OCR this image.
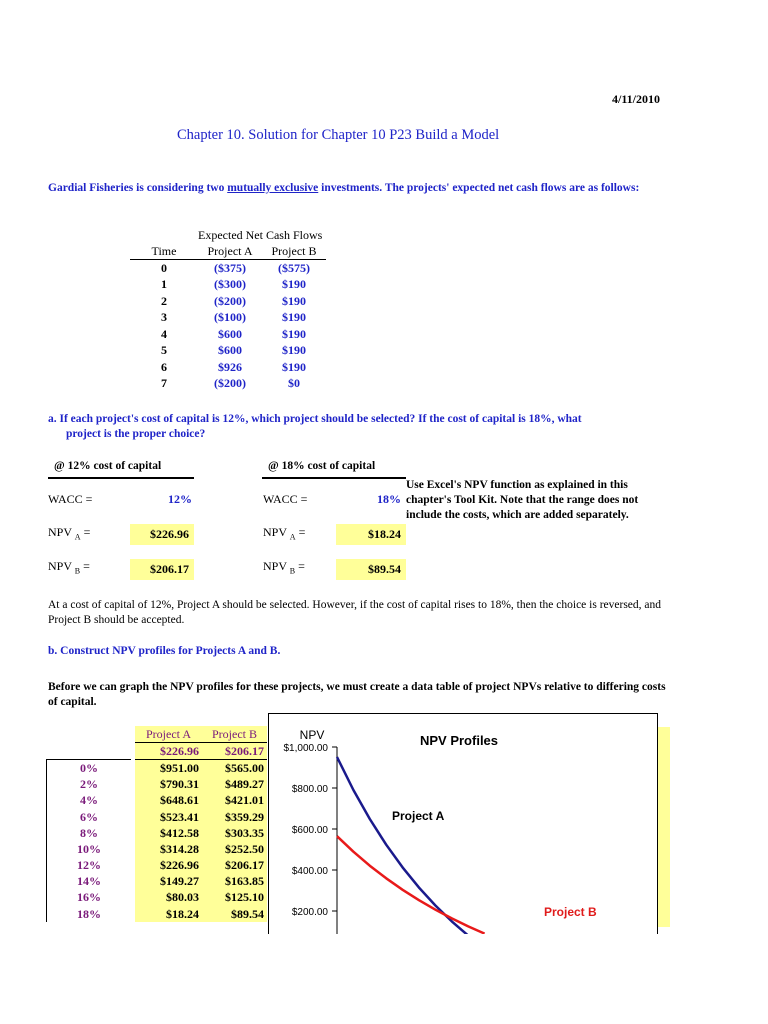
4/11/2010
Chapter 10. Solution for Chapter 10 P23 Build a Model
Gardial Fisheries is considering two mutually exclusive investments. The projects' expected net cash flows are as follows:
Expected Net Cash Flows
Time	Project A	Project B
0	($375)	($575)
1	($300)	$190
2	($200)	$190
3	($100)	$190
4	$600	$190
5	$600	$190
6	$926	$190
7	($200)	$0
a. If each project's cost of capital is 12%, which project should be selected? If the cost of capital is 18%, what
project is the proper choice?
@ 12% cost of capital
WACC =	12%
NPV $_A$ =	$226.96
NPV $_B$ =	$206.17
@ 18% cost of capital
WACC =	18%
NPV $_A$ =	$18.24
NPV $_B$ =	$89.54
Use Excel's NPV function as explained in this chapter's Tool Kit. Note that the range does not include the costs, which are added separately.
At a cost of capital of 12%, Project A should be selected. However, if the cost of capital rises to 18%, then the choice is reversed, and Project B should be accepted.
b. Construct NPV profiles for Projects A and B.
Before we can graph the NPV profiles for these projects, we must create a data table of project NPVs relative to differing costs of capital.
		Project A	Project B
		$226.96	$206.17
0%		$951.00	$565.00
2%		$790.31	$489.27
4%		$648.61	$421.01
6%		$523.41	$359.29
8%		$412.58	$303.35
10%		$314.28	$252.50
12%		$226.96	$206.17
14%		$149.27	$163.85
16%		$80.03	$125.10
18%		$18.24	$89.54
NPV Profiles
NPV
$1,000.00
$800.00
$600.00
$400.00
$200.00
Project A
Project B
